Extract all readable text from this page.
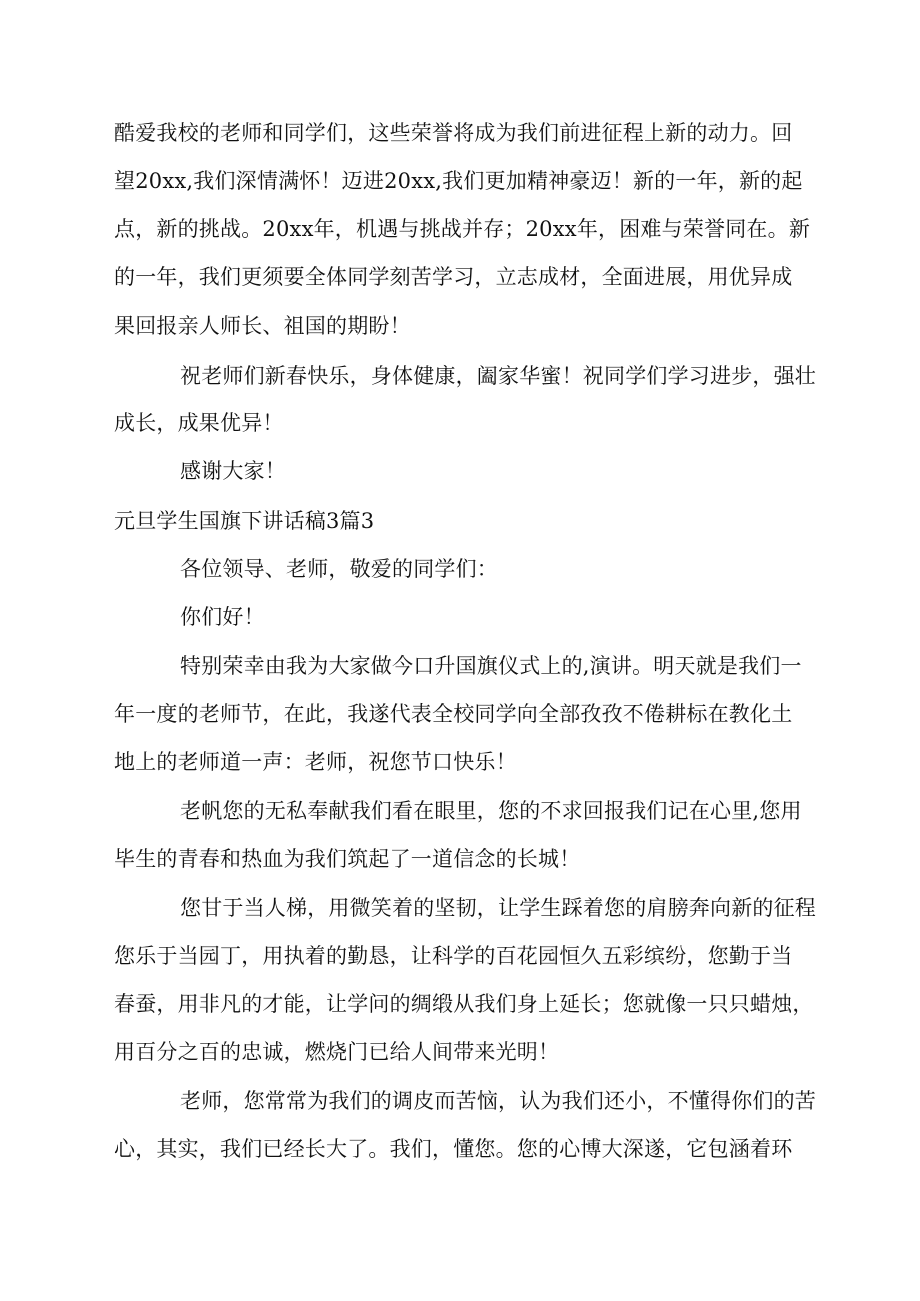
酷爱我校的老师和同学们，这些荣誉将成为我们前进征程上新的动力。回
望20xx,我们深情满怀！迈进20xx,我们更加精神豪迈！新的一年，新的起
点，新的挑战。20xx年，机遇与挑战并存；20xx年，困难与荣誉同在。新
的一年，我们更须要全体同学刻苦学习，立志成材，全面进展，用优异成
果回报亲人师长、祖国的期盼！
祝老师们新春快乐，身体健康，阖家华蜜！祝同学们学习进步，强壮
成长，成果优异！
感谢大家！
元旦学生国旗下讲话稿3篇3
各位领导、老师，敬爱的同学们：
你们好！
特别荣幸由我为大家做今口升国旗仪式上的,演讲。明天就是我们一
年一度的老师节，在此，我遂代表全校同学向全部孜孜不倦耕标在教化土
地上的老师道一声：老师，祝您节口快乐！
老帆您的无私奉献我们看在眼里，您的不求回报我们记在心里,您用
毕生的青春和热血为我们筑起了一道信念的长城！
您甘于当人梯，用微笑着的坚韧，让学生踩着您的肩膀奔向新的征程
您乐于当园丁，用执着的勤恳，让科学的百花园恒久五彩缤纷，您勤于当
春蚕，用非凡的才能，让学问的绸缎从我们身上延长；您就像一只只蜡烛，
用百分之百的忠诚，燃烧门已给人间带来光明！
老师，您常常为我们的调皮而苦恼，认为我们还小，不懂得你们的苦
心，其实，我们已经长大了。我们，懂您。您的心博大深遂，它包涵着环
